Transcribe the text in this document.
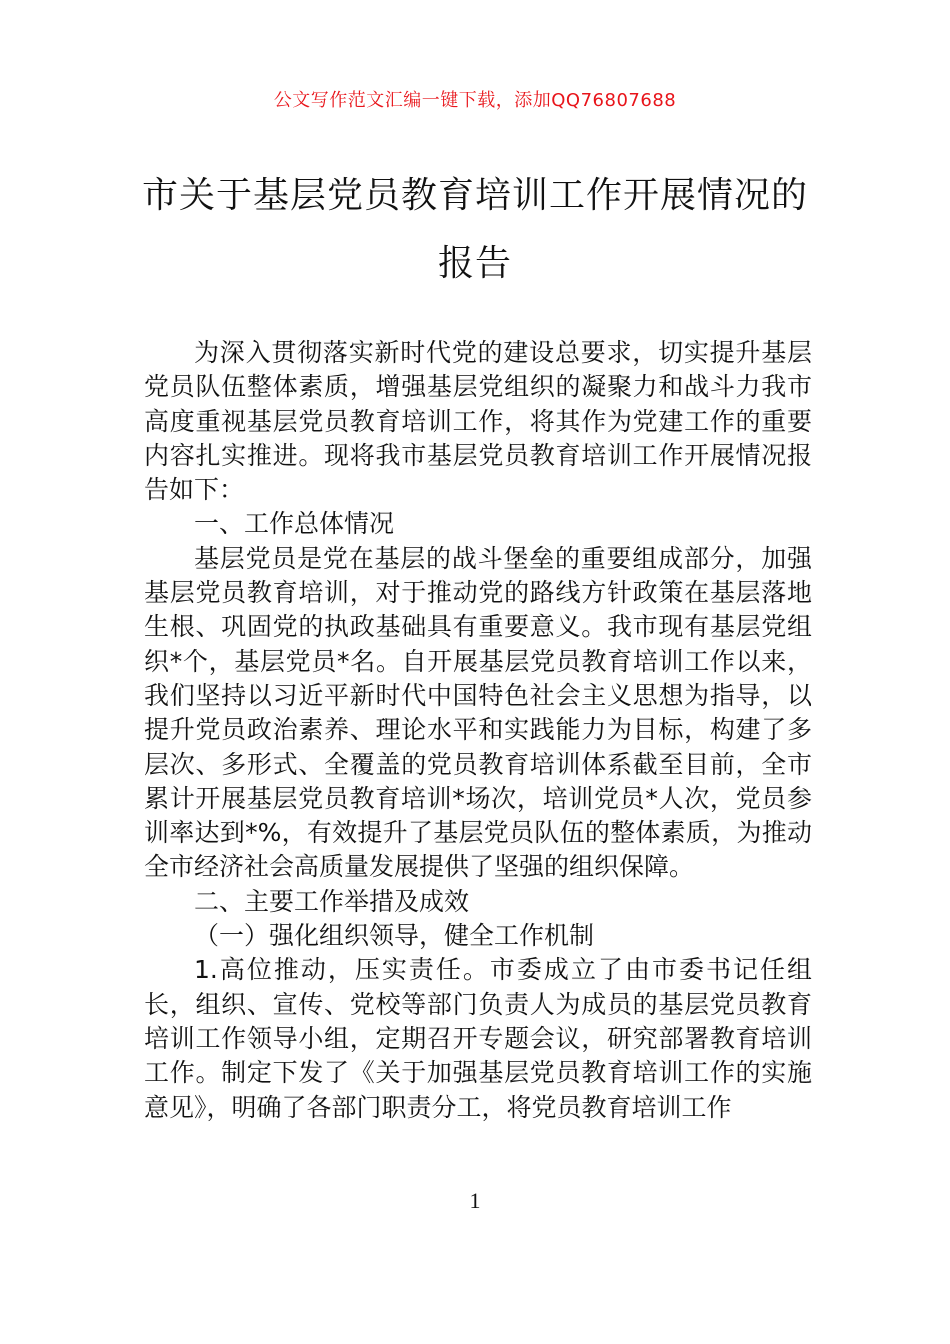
公文写作范文汇编一键下载，添加QQ76807688
市关于基层党员教育培训工作开展情况的
报告

为深入贯彻落实新时代党的建设总要求，切实提升基层党员队伍整体素质，增强基层党组织的凝聚力和战斗力我市高度重视基层党员教育培训工作，将其作为党建工作的重要内容扎实推进。现将我市基层党员教育培训工作开展情况报告如下：

一、工作总体情况

基层党员是党在基层的战斗堡垒的重要组成部分，加强基层党员教育培训，对于推动党的路线方针政策在基层落地生根、巩固党的执政基础具有重要意义。我市现有基层党组织*个，基层党员*名。自开展基层党员教育培训工作以来，我们坚持以习近平新时代中国特色社会主义思想为指导，以提升党员政治素养、理论水平和实践能力为目标，构建了多层次、多形式、全覆盖的党员教育培训体系截至目前，全市累计开展基层党员教育培训*场次，培训党员*人次，党员参训率达到*%，有效提升了基层党员队伍的整体素质，为推动全市经济社会高质量发展提供了坚强的组织保障。

二、主要工作举措及成效

（一）强化组织领导，健全工作机制

1.高位推动，压实责任。市委成立了由市委书记任组长，组织、宣传、党校等部门负责人为成员的基层党员教育培训工作领导小组，定期召开专题会议，研究部署教育培训工作。制定下发了《关于加强基层党员教育培训工作的实施意见》，明确了各部门职责分工，将党员教育培训工作

1
